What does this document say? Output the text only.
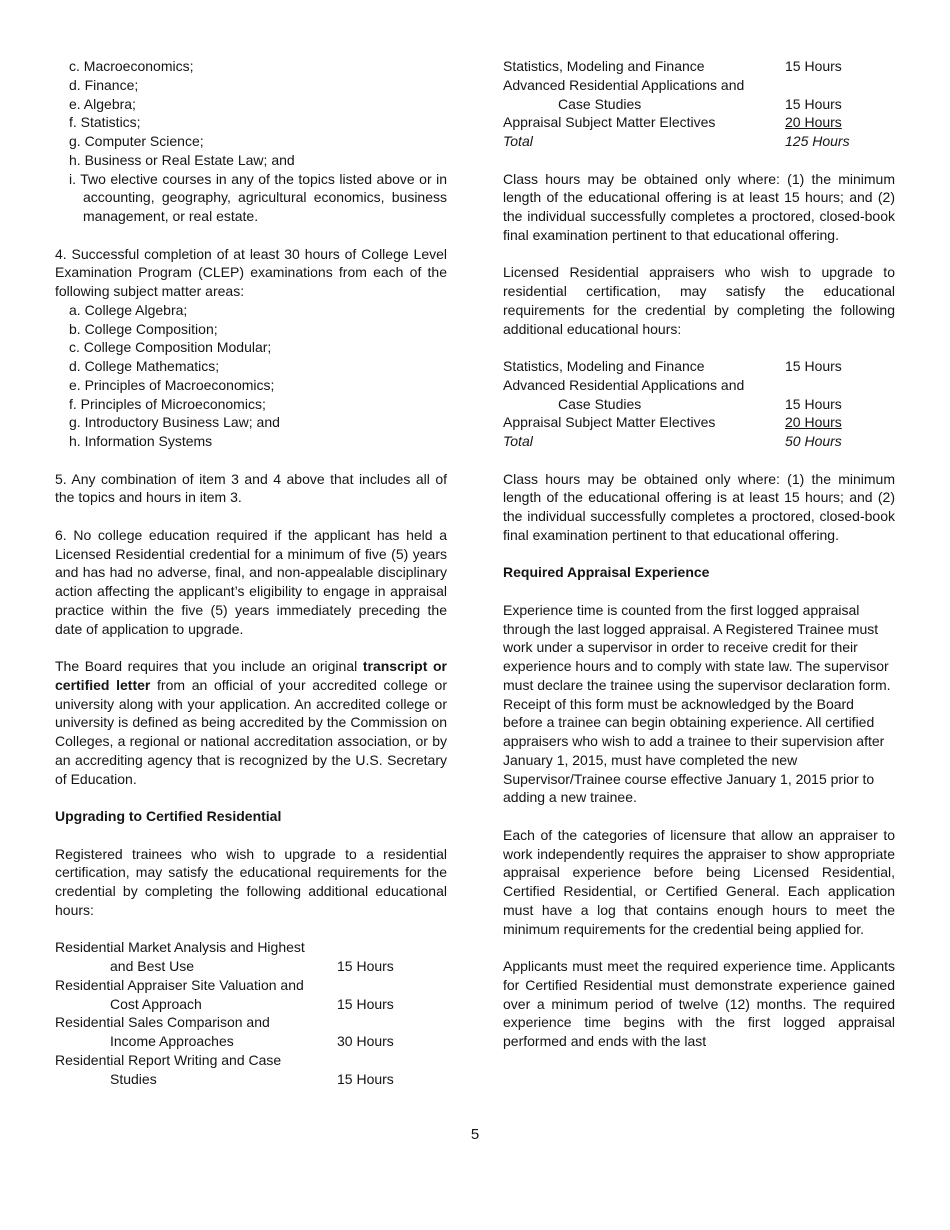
c. Macroeconomics;
d. Finance;
e. Algebra;
f. Statistics;
g. Computer Science;
h. Business or Real Estate Law; and
i. Two elective courses in any of the topics listed above or in accounting, geography, agricultural economics, business management, or real estate.

4. Successful completion of at least 30 hours of College Level Examination Program (CLEP) examinations from each of the following subject matter areas:

a. College Algebra;
b. College Composition;
c. College Composition Modular;
d. College Mathematics;
e. Principles of Macroeconomics;
f. Principles of Microeconomics;
g. Introductory Business Law; and
h. Information Systems

5. Any combination of item 3 and 4 above that includes all of the topics and hours in item 3.

6. No college education required if the applicant has held a Licensed Residential credential for a minimum of five (5) years and has had no adverse, final, and non-appealable disciplinary action affecting the applicant’s eligibility to engage in appraisal practice within the five (5) years immediately preceding the date of application to upgrade.

The Board requires that you include an original transcript or certified letter from an official of your accredited college or university along with your application. An accredited college or university is defined as being accredited by the Commission on Colleges, a regional or national accreditation association, or by an accrediting agency that is recognized by the U.S. Secretary of Education.

Upgrading to Certified Residential

Registered trainees who wish to upgrade to a residential certification, may satisfy the educational requirements for the credential by completing the following additional educational hours:

Residential Market Analysis and Highest
and Best Use	15 Hours
Residential Appraiser Site Valuation and
Cost Approach	15 Hours
Residential Sales Comparison and
Income Approaches	30 Hours
Residential Report Writing and Case
Studies	15 Hours
Statistics, Modeling and Finance	15 Hours
Advanced Residential Applications and
Case Studies	15 Hours
Appraisal Subject Matter Electives	20 Hours
Total	125 Hours

Class hours may be obtained only where: (1) the minimum length of the educational offering is at least 15 hours; and (2) the individual successfully completes a proctored, closed-book final examination pertinent to that educational offering.

Licensed Residential appraisers who wish to upgrade to residential certification, may satisfy the educational requirements for the credential by completing the following additional educational hours:

Statistics, Modeling and Finance	15 Hours
Advanced Residential Applications and
Case Studies	15 Hours
Appraisal Subject Matter Electives	20 Hours
Total	50 Hours

Class hours may be obtained only where: (1) the minimum length of the educational offering is at least 15 hours; and (2) the individual successfully completes a proctored, closed-book final examination pertinent to that educational offering.

Required Appraisal Experience

Experience time is counted from the first logged appraisal through the last logged appraisal. A Registered Trainee must work under a supervisor in order to receive credit for their experience hours and to comply with state law. The supervisor must declare the trainee using the supervisor declaration form. Receipt of this form must be acknowledged by the Board before a trainee can begin obtaining experience. All certified appraisers who wish to add a trainee to their supervision after January 1, 2015, must have completed the new Supervisor/Trainee course effective January 1, 2015 prior to adding a new trainee.

Each of the categories of licensure that allow an appraiser to work independently requires the appraiser to show appropriate appraisal experience before being Licensed Residential, Certified Residential, or Certified General. Each application must have a log that contains enough hours to meet the minimum requirements for the credential being applied for.

Applicants must meet the required experience time. Applicants for Certified Residential must demonstrate experience gained over a minimum period of twelve (12) months. The required experience time begins with the first logged appraisal performed and ends with the last

5
